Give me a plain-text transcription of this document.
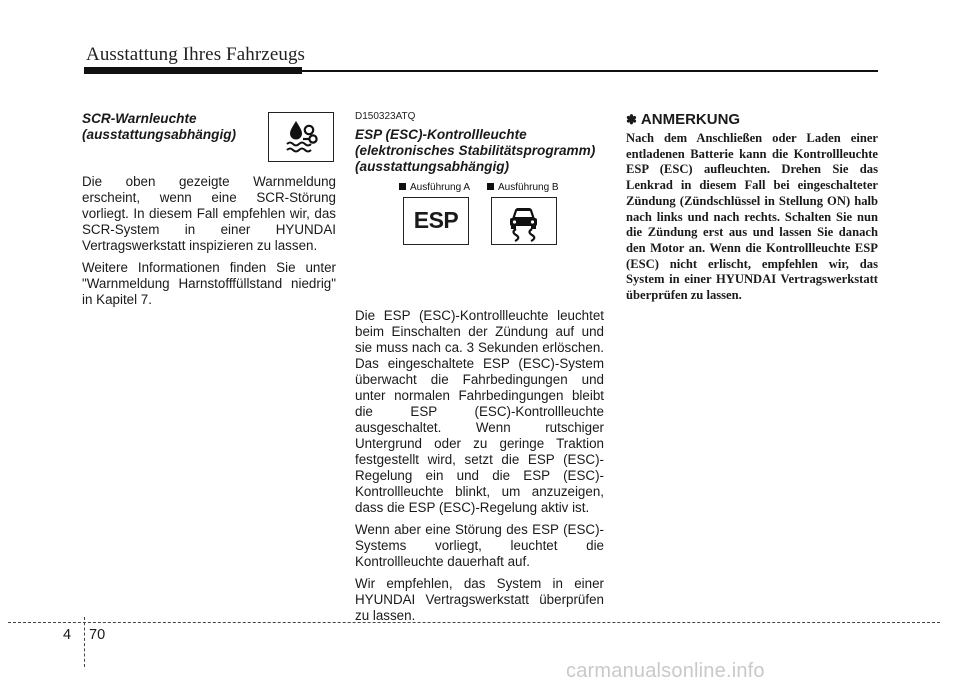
Ausstattung Ihres Fahrzeugs
SCR-Warnleuchte
(ausstattungsabhängig)

Die oben gezeigte Warnmeldung erscheint, wenn eine SCR-Störung vorliegt. In diesem Fall empfehlen wir, das SCR-System in einer HYUNDAI Vertragswerkstatt inspizieren zu lassen.

Weitere Informationen finden Sie unter "Warnmeldung Harnstofffüllstand niedrig" in Kapitel 7.

D150323ATQ
ESP (ESC)-Kontrollleuchte
(elektronisches Stabilitätsprogramm)
(ausstattungsabhängig)

Die ESP (ESC)-Kontrollleuchte leuchtet beim Einschalten der Zündung auf und sie muss nach ca. 3 Sekunden erlöschen. Das eingeschaltete ESP (ESC)-System überwacht die Fahrbedingungen und unter normalen Fahrbedingungen bleibt die ESP (ESC)-Kontrollleuchte ausgeschaltet. Wenn rutschiger Untergrund oder zu geringe Traktion festgestellt wird, setzt die ESP (ESC)-Regelung ein und die ESP (ESC)-Kontrollleuchte blinkt, um anzuzeigen, dass die ESP (ESC)-Regelung aktiv ist.

Wenn aber eine Störung des ESP (ESC)-Systems vorliegt, leuchtet die Kontrollleuchte dauerhaft auf.

Wir empfehlen, das System in einer HYUNDAI Vertragswerkstatt überprüfen zu lassen.

Ausführung A	Ausführung B
ESP
✽ ANMERKUNG

Nach dem Anschließen oder Laden einer entladenen Batterie kann die Kontrollleuchte ESP (ESC) aufleuchten. Drehen Sie das Lenkrad in diesem Fall bei eingeschalteter Zündung (Zündschlüssel in Stellung ON) halb nach links und nach rechts. Schalten Sie nun die Zündung erst aus und lassen Sie danach den Motor an. Wenn die Kontrollleuchte ESP (ESC) nicht erlischt, empfehlen wir, das System in einer HYUNDAI Vertragswerkstatt überprüfen zu lassen.

4 70
carmanualsonline.info
